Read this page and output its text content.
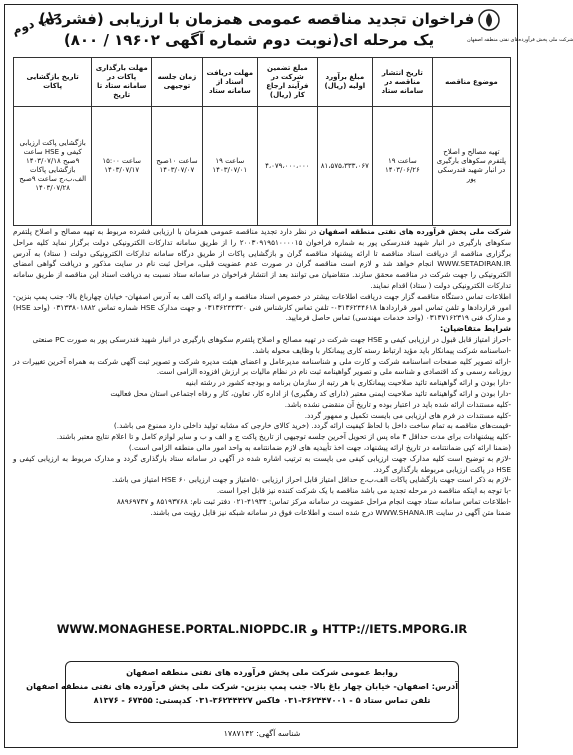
شرکت ملی پخش فرآورده‌های نفتی منطقه اصفهان
فراخوان تجدید مناقصه عمومی همزمان با ارزیابی (فشرده)
یک مرحله ای(نوبت دوم شماره آگهی ۱۹۶۰۲ / ۸۰۰)
چاپ دوم
موضوع مناقصه	تاریخ انتشار مناقصه در سامانه ستاد	مبلغ برآورد اولیه (ریال)	مبلغ تضمین شرکت در فرآیند ارجاع کار (ریال)	مهلت دریافت اسناد از سامانه ستاد	زمان جلسه توجیهی	مهلت بارگذاری پاکات در سامانه ستاد تا تاریخ	تاریخ بازگشایی پاکات
تهیه مصالح و اصلاح پلتفرم سکوهای بارگیری در انبار شهید فندرسکی پور	ساعت ۱۹ ۱۴۰۳/۰۶/۲۶	۸۱،۵۷۵،۳۳۳،۰۶۷	۴،۰۷۹،۰۰۰،۰۰۰	ساعت ۱۹ ۱۴۰۳/۰۷/۰۱	ساعت ۱۰صبح ۱۴۰۳/۰۷/۰۷	ساعت ۱۵:۰۰ ۱۴۰۳/۰۷/۱۷	بازگشایی پاکت ارزیابی کیفی و HSE ساعت ۹صبح ۱۴۰۳/۰۷/۱۸ بازگشایی پاکات الف،ب،ج ساعت ۹صبح ۱۴۰۳/۰۷/۲۸

شرکت ملی پخش فرآورده های نفتی منطقه اصفهان در نظر دارد تجدید مناقصه عمومی همزمان با ارزیابی فشرده مربوط به تهیه مصالح و اصلاح پلتفرم سکوهای بارگیری در انبار شهید فندرسکی پور به شماره فراخوان ۲۰۰۳۰۹۱۹۵۱۰۰۰۰۱۵ را از طریق سامانه تدارکات الکترونیکی دولت برگزار نماید کلیه مراحل برگزاری مناقصه از دریافت اسناد مناقصه تا ارائه پیشنهاد مناقصه گران و بازگشایی پاکات از طریق درگاه سامانه تدارکات الکترونیکی دولت ( ستاد) به آدرس WWW.SETADIRAN.IR انجام خواهد شد و لازم است مناقصه گران در صورت عدم عضویت قبلی، مراحل ثبت نام در سایت مذکور و دریافت گواهی امضای الکترونیکی را جهت شرکت در مناقصه محقق سازند. متقاضیان می توانند بعد از انتشار فراخوان در سامانه ستاد نسبت به دریافت اسناد این مناقصه از طریق سامانه تدارکات الکترونیکی دولت ( ستاد) اقدام نمایند.

اطلاعات تماس دستگاه مناقصه گزار جهت دریافت اطلاعات بیشتر در خصوص اسناد مناقصه و ارائه پاکت الف به آدرس اصفهان- خیابان چهارباغ بالا- جنب پمپ بنزین- امور قراردادها و تلفن تماس امور قراردادها ۰۳۱۳۶۲۴۴۶۱۸- تلفن تماس کارشناس فنی ۰۳۱۳۶۲۴۴۳۲۰ و جهت مدارک HSE شماره تماس ۰۳۱۳۳۸۰۱۸۸۲ (واحد HSE) و مدارک فنی ۰۳۱۳۷۱۶۲۳۱۹ (واحد خدمات مهندسی) تماس حاصل فرمایید.

شرایط متقاضیان:

-احراز امتیاز قابل قبول در ارزیابی کیفی و HSE جهت شرکت در تهیه مصالح و اصلاح پلتفرم سکوهای بارگیری در انبار شهید فندرسکی پور به صورت PC صنعتی

-اساسنامه شرکت پیمانکار باید مؤید ارتباط رسته کاری پیمانکار با وظایف محوله باشد.

-ارائه تصویر کلیه صفحات اساسنامه شرکت و کارت ملی و شناسنامه مدیرعامل و اعضای هیئت مدیره شرکت و تصویر ثبت آگهی شرکت به همراه آخرین تغییرات در روزنامه رسمی و کد اقتصادی و شناسه ملی و تصویر گواهینامه ثبت نام در نظام مالیات بر ارزش افزوده الزامی است.

-دارا بودن و ارائه گواهینامه تائید صلاحیت پیمانکاری با هر رتبه از سازمان برنامه و بودجه کشور در رشته ابنیه

-دارا بودن و ارائه گواهینامه تائید صلاحیت ایمنی معتبر (دارای کد رهگیری) از اداره کار، تعاون، کار و رفاه اجتماعی استان محل فعالیت

-کلیه مستندات ارائه شده باید در اعتبار بوده و تاریخ آن منقضی نشده باشد.

-کلیه مستندات در فرم های ارزیابی می بایست تکمیل و ممهور گردد.

-قیمت‌های مناقصه به تمام ساخت داخل با لحاظ کیفیت ارائه گردد. (خرید کالای خارجی که مشابه تولید داخلی دارد ممنوع می باشد.)

-کلیه پیشنهادات برای مدت حداقل ۳ ماه پس از تحویل آخرین جلسه توجیهی از تاریخ پاکت ج و الف و ب و سایر لوازم کامل و تا اعلام نتایج معتبر باشند.

(ضمنا ارائه کپی ضمانتنامه در تاریخ ارائه پیشنهاد، جهت اخذ تأییدیه های لازم ضمانتنامه به واحد امور مالی منطقه الزامی است.)

-لازم به توضیح است کلیه مدارک جهت ارزیابی کیفی می بایست به ترتیب اشاره شده در آگهی در سامانه ستاد بارگذاری گردد و مدارک مربوط به ارزیابی کیفی و HSE در پاکت ارزیابی مربوطه بارگذاری گردد.

-لازم به ذکر است جهت بازگشایی پاکات الف،ب،ج حداقل امتیاز قابل احراز ارزیابی ۵۰امتیاز و جهت ارزیابی HSE ۶۰ امتیاز می باشد.

-با توجه به اینکه مناقصه در مرحله تجدید می باشد مناقصه با یک شرکت کننده نیز قابل اجرا است.

-اطلاعات تماس سامانه ستاد جهت انجام مراحل عضویت در سامانه مرکز تماس: ۴۱۹۳۴-۰۲۱ دفتر ثبت نام: ۸۵۱۹۳۷۶۸ و ۸۸۹۶۹۷۳۷

ضمنا متن آگهی در سایت WWW.SHANA.IR درج شده است و اطلاعات فوق در سامانه شبکه نیز قابل رؤیت می باشند.

WWW.MONAGHESE.PORTAL.NIOPDC.IR و HTTP://IETS.MPORG.IR
روابط عمومی شرکت ملی پخش فرآورده های نفتی منطقه اصفهان
آدرس: اصفهان- خیابان چهار باغ بالا- جنب پمپ بنزین- شرکت ملی پخش فرآورده های نفتی منطقه اصفهان
تلفن تماس ستاد ۵ - ۳۶۲۴۴۷۰۰۱-۰۳۱ فاکس ۳۶۲۴۴۴۲۷-۰۳۱ کدپستی: ۶۷۴۵۵ - ۸۱۳۷۶
شناسه آگهی: ۱۷۸۷۱۴۲
